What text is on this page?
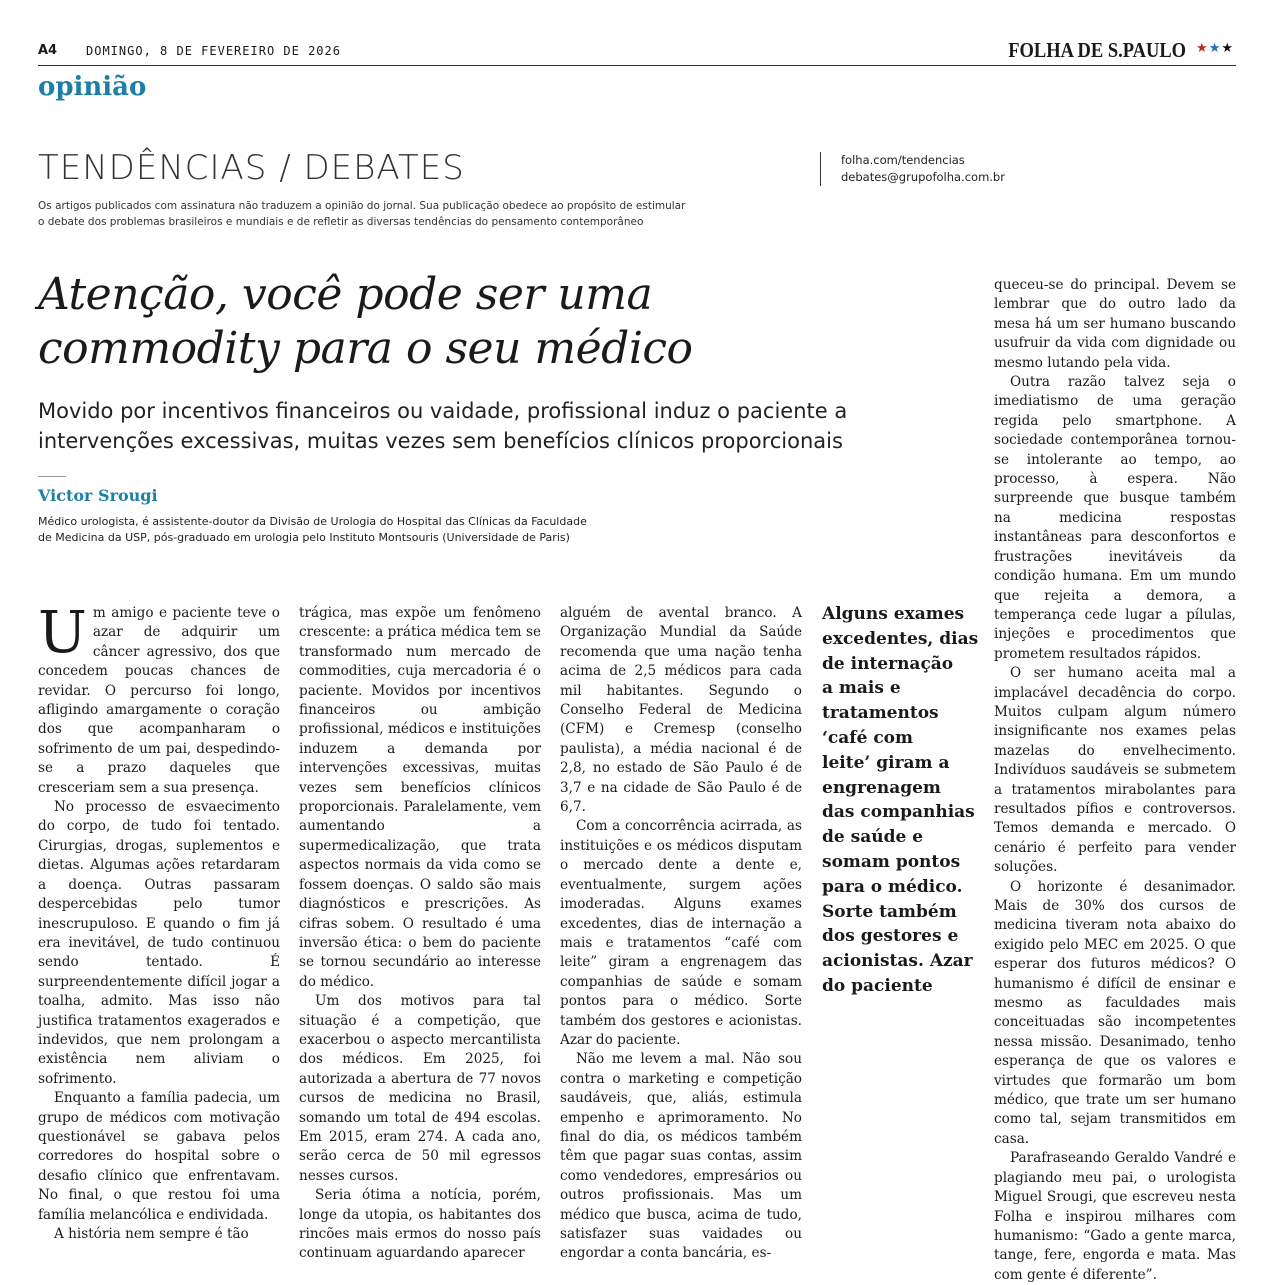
A4 DOMINGO, 8 DE FEVEREIRO DE 2026	FOLHA DE S.PAULO ★★★
opinião
TENDÊNCIAS / DEBATES
Os artigos publicados com assinatura não traduzem a opinião do jornal. Sua publicação obedece ao propósito de estimular
o debate dos problemas brasileiros e mundiais e de refletir as diversas tendências do pensamento contemporâneo
folha.com/tendencias
debates@grupofolha.com.br
Atenção, você pode ser uma
commodity para o seu médico
Movido por incentivos financeiros ou vaidade, profissional induz o paciente a
intervenções excessivas, muitas vezes sem benefícios clínicos proporcionais
Victor Srougi
Médico urologista, é assistente-doutor da Divisão de Urologia do Hospital das Clínicas da Faculdade
de Medicina da USP, pós-graduado em urologia pelo Instituto Montsouris (Universidade de Paris)

Um amigo e paciente teve o azar de adquirir um câncer agressivo, dos que concedem poucas chances de revidar. O percurso foi longo, afligindo amargamente o coração dos que acompanharam o sofrimento de um pai, despedindo-se a prazo daqueles que cresceriam sem a sua presença.

No processo de esvaecimento do corpo, de tudo foi tentado. Cirurgias, drogas, suplementos e dietas. Algumas ações retardaram a doença. Outras passaram despercebidas pelo tumor inescrupuloso. E quando o fim já era inevitável, de tudo continuou sendo tentado. É surpreendentemente difícil jogar a toalha, admito. Mas isso não justifica tratamentos exagerados e indevidos, que nem prolongam a existência nem aliviam o sofrimento.

Enquanto a família padecia, um grupo de médicos com motivação questionável se gabava pelos corredores do hospital sobre o desafio clínico que enfrentavam. No final, o que restou foi uma família melancólica e endividada.

A história nem sempre é tão

trágica, mas expõe um fenômeno crescente: a prática médica tem se transformado num mercado de commodities, cuja mercadoria é o paciente. Movidos por incentivos financeiros ou ambição profissional, médicos e instituições induzem a demanda por intervenções excessivas, muitas vezes sem benefícios clínicos proporcionais. Paralelamente, vem aumentando a supermedicalização, que trata aspectos normais da vida como se fossem doenças. O saldo são mais diagnósticos e prescrições. As cifras sobem. O resultado é uma inversão ética: o bem do paciente se tornou secundário ao interesse do médico.

Um dos motivos para tal situação é a competição, que exacerbou o aspecto mercantilista dos médicos. Em 2025, foi autorizada a abertura de 77 novos cursos de medicina no Brasil, somando um total de 494 escolas. Em 2015, eram 274. A cada ano, serão cerca de 50 mil egressos nesses cursos.

Seria ótima a notícia, porém, longe da utopia, os habitantes dos rincões mais ermos do nosso país continuam aguardando aparecer

alguém de avental branco. A Organização Mundial da Saúde recomenda que uma nação tenha acima de 2,5 médicos para cada mil habitantes. Segundo o Conselho Federal de Medicina (CFM) e Cremesp (conselho paulista), a média nacional é de 2,8, no estado de São Paulo é de 3,7 e na cidade de São Paulo é de 6,7.

Com a concorrência acirrada, as instituições e os médicos disputam o mercado dente a dente e, eventualmente, surgem ações imoderadas. Alguns exames excedentes, dias de internação a mais e tratamentos “café com leite” giram a engrenagem das companhias de saúde e somam pontos para o médico. Sorte também dos gestores e acionistas. Azar do paciente.

Não me levem a mal. Não sou contra o marketing e competição saudáveis, que, aliás, estimula empenho e aprimoramento. No final do dia, os médicos também têm que pagar suas contas, assim como vendedores, empresários ou outros profissionais. Mas um médico que busca, acima de tudo, satisfazer suas vaidades ou engordar a conta bancária, es-

Alguns exames
excedentes, dias
de internação
a mais e
tratamentos
‘café com
leite’ giram a
engrenagem
das companhias
de saúde e
somam pontos
para o médico.
Sorte também
dos gestores e
acionistas. Azar
do paciente

queceu-se do principal. Devem se lembrar que do outro lado da mesa há um ser humano buscando usufruir da vida com dignidade ou mesmo lutando pela vida.

Outra razão talvez seja o imediatismo de uma geração regida pelo smartphone. A sociedade contemporânea tornou-se intolerante ao tempo, ao processo, à espera. Não surpreende que busque também na medicina respostas instantâneas para desconfortos e frustrações inevitáveis da condição humana. Em um mundo que rejeita a demora, a temperança cede lugar a pílulas, injeções e procedimentos que prometem resultados rápidos.

O ser humano aceita mal a implacável decadência do corpo. Muitos culpam algum número insignificante nos exames pelas mazelas do envelhecimento. Indivíduos saudáveis se submetem a tratamentos mirabolantes para resultados pífios e controversos. Temos demanda e mercado. O cenário é perfeito para vender soluções.

O horizonte é desanimador. Mais de 30% dos cursos de medicina tiveram nota abaixo do exigido pelo MEC em 2025. O que esperar dos futuros médicos? O humanismo é difícil de ensinar e mesmo as faculdades mais conceituadas são incompetentes nessa missão. Desanimado, tenho esperança de que os valores e virtudes que formarão um bom médico, que trate um ser humano como tal, sejam transmitidos em casa.

Parafraseando Geraldo Vandré e plagiando meu pai, o urologista Miguel Srougi, que escreveu nesta Folha e inspirou milhares com humanismo: “Gado a gente marca, tange, fere, engorda e mata. Mas com gente é diferente”.
